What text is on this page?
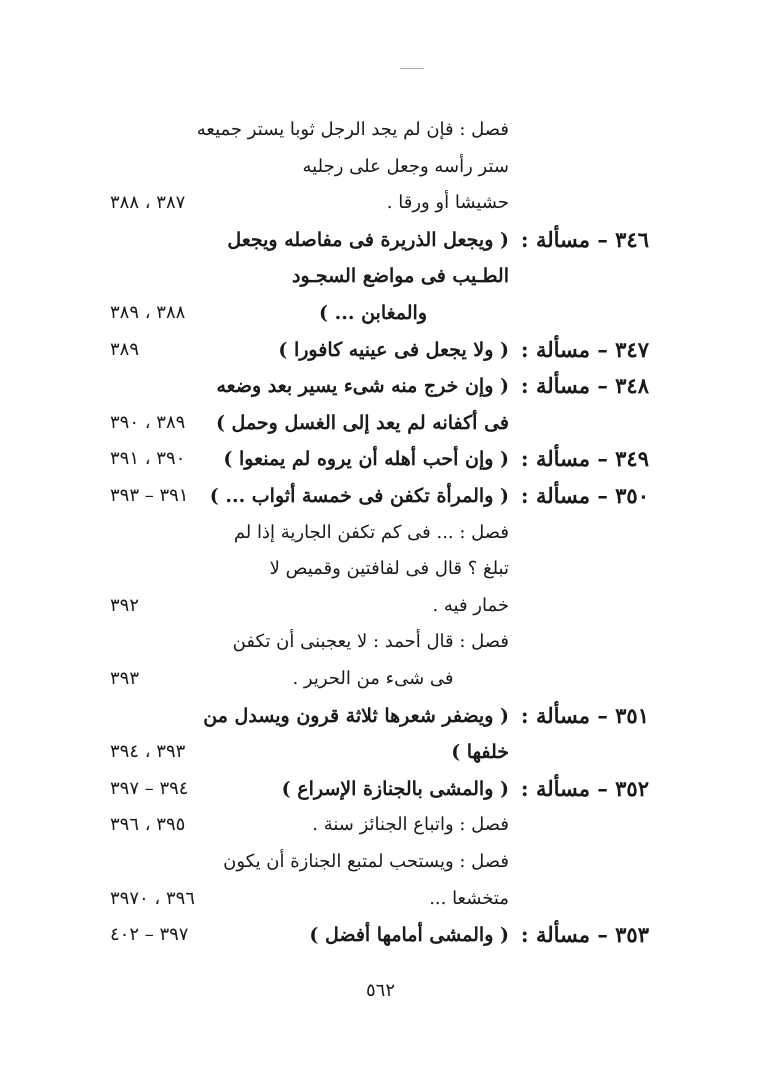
فصل : فإن لم يجد الرجل ثوبا يستر جميعه
ستر رأسه وجعل على رجليه
حشيشا أو ورقا .
٣٨٧ ، ٣٨٨
٣٤٦ – مسألة :
( ويجعل الذريرة فى مفاصله ويجعل
الطـيب فى مواضع السجـود
والمغابن ... )
٣٨٨ ، ٣٨٩
٣٤٧ – مسألة :
( ولا يجعل فى عينيه كافورا )
٣٨٩
٣٤٨ – مسألة :
( وإن خرج منه شىء يسير بعد وضعه
فى أكفانه لم يعد إلى الغسل وحمل )
٣٨٩ ، ٣٩٠
٣٤٩ – مسألة :
( وإن أحب أهله أن يروه لم يمنعوا )
٣٩٠ ، ٣٩١
٣٥٠ – مسألة :
( والمرأة تكفن فى خمسة أثواب ... )
٣٩١ – ٣٩٣
فصل : ... فى كم تكفن الجارية إذا لم
تبلغ ؟ قال فى لفافتين وقميص لا
خمار فيه .
٣٩٢
فصل : قال أحمد : لا يعجبنى أن تكفن
فى شىء من الحرير .
٣٩٣
٣٥١ – مسألة :
( ويضفر شعرها ثلاثة قرون ويسدل من
خلفها )
٣٩٣ ، ٣٩٤
٣٥٢ – مسألة :
( والمشى بالجنازة الإسراع )
٣٩٤ – ٣٩٧
فصل : واتباع الجنائز سنة .
٣٩٥ ، ٣٩٦
فصل : ويستحب لمتبع الجنازة أن يكون
متخشعا ...
٣٩٦ ، ٣٩٧٠
٣٥٣ – مسألة :
( والمشى أمامها أفضل )
٣٩٧ – ٤٠٢
٥٦٢
